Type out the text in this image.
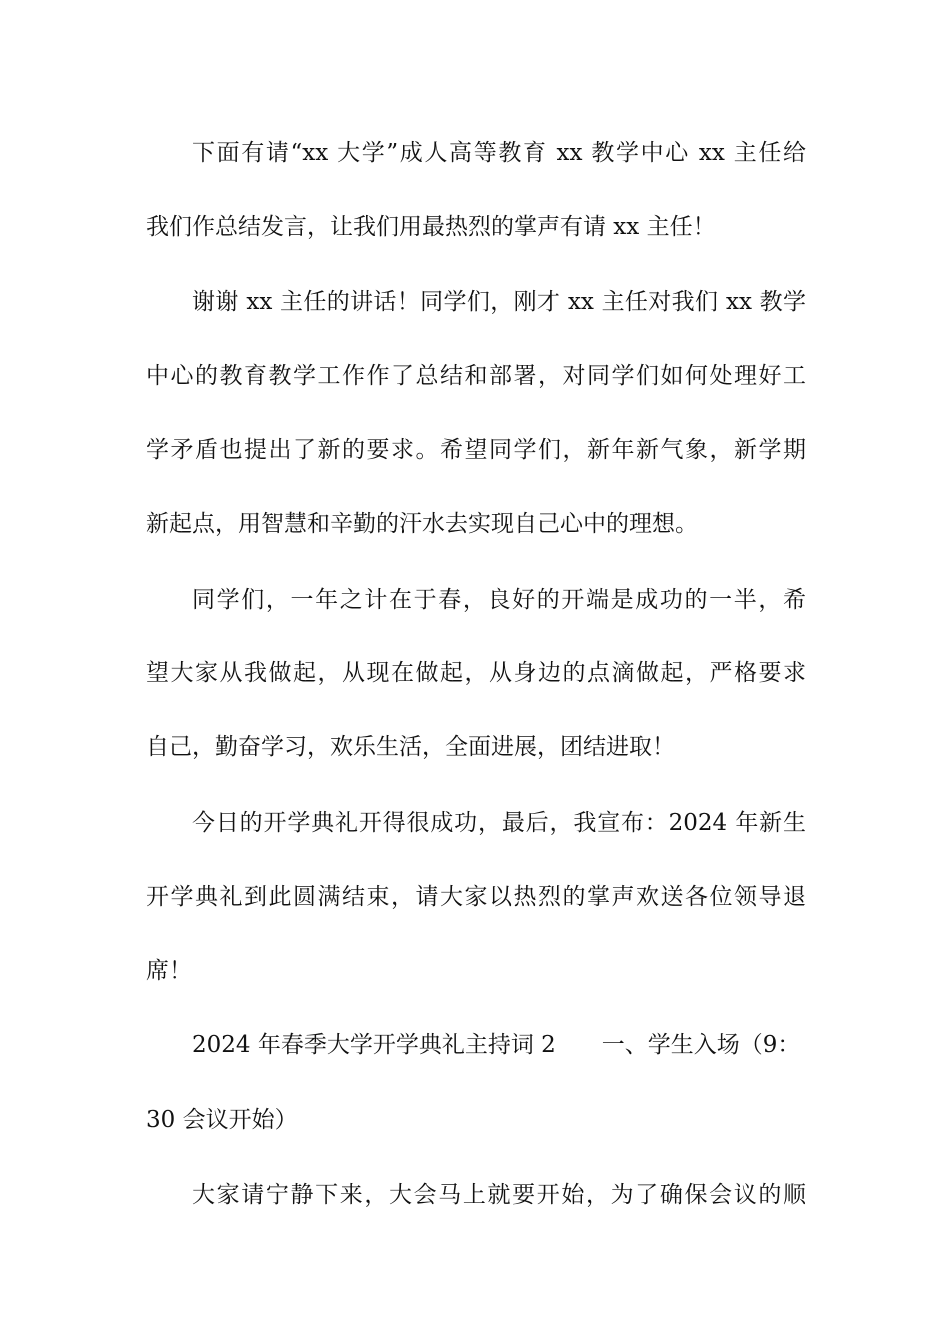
下面有请“xx 大学”成人高等教育 xx 教学中心 xx 主任给
我们作总结发言，让我们用最热烈的掌声有请 xx 主任！
谢谢 xx 主任的讲话！同学们，刚才 xx 主任对我们 xx 教学
中心的教育教学工作作了总结和部署，对同学们如何处理好工
学矛盾也提出了新的要求。希望同学们，新年新气象，新学期
新起点，用智慧和辛勤的汗水去实现自己心中的理想。
同学们，一年之计在于春，良好的开端是成功的一半，希
望大家从我做起，从现在做起，从身边的点滴做起，严格要求
自己，勤奋学习，欢乐生活，全面进展，团结进取！
今日的开学典礼开得很成功，最后，我宣布：2024 年新生
开学典礼到此圆满结束，请大家以热烈的掌声欢送各位领导退
席！
2024 年春季大学开学典礼主持词 2 一、学生入场（9：
30 会议开始）
大家请宁静下来，大会马上就要开始，为了确保会议的顺
